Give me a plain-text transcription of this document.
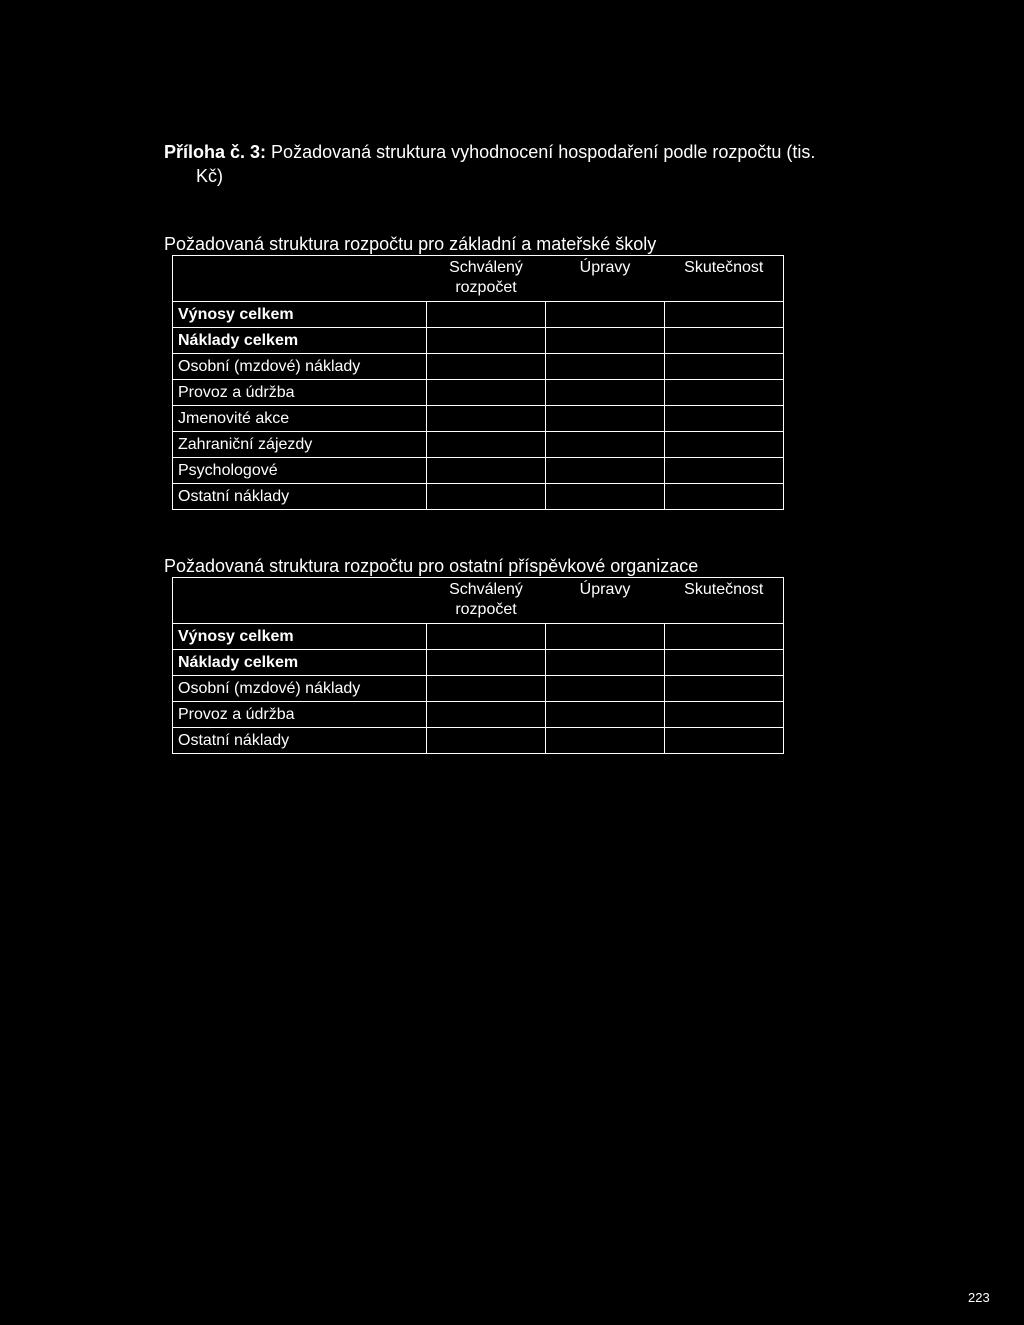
Příloha č. 3: Požadovaná struktura vyhodnocení hospodaření podle rozpočtu (tis.
Kč)
Požadovaná struktura rozpočtu pro základní a mateřské školy
	Schválený rozpočet	Úpravy	Skutečnost
Výnosy celkem			
Náklady celkem			
Osobní (mzdové) náklady			
Provoz a údržba			
Jmenovité akce			
Zahraniční zájezdy			
Psychologové			
Ostatní náklady			
Požadovaná struktura rozpočtu pro ostatní příspěvkové organizace
	Schválený rozpočet	Úpravy	Skutečnost
Výnosy celkem			
Náklady celkem			
Osobní (mzdové) náklady			
Provoz a údržba			
Ostatní náklady			
223
